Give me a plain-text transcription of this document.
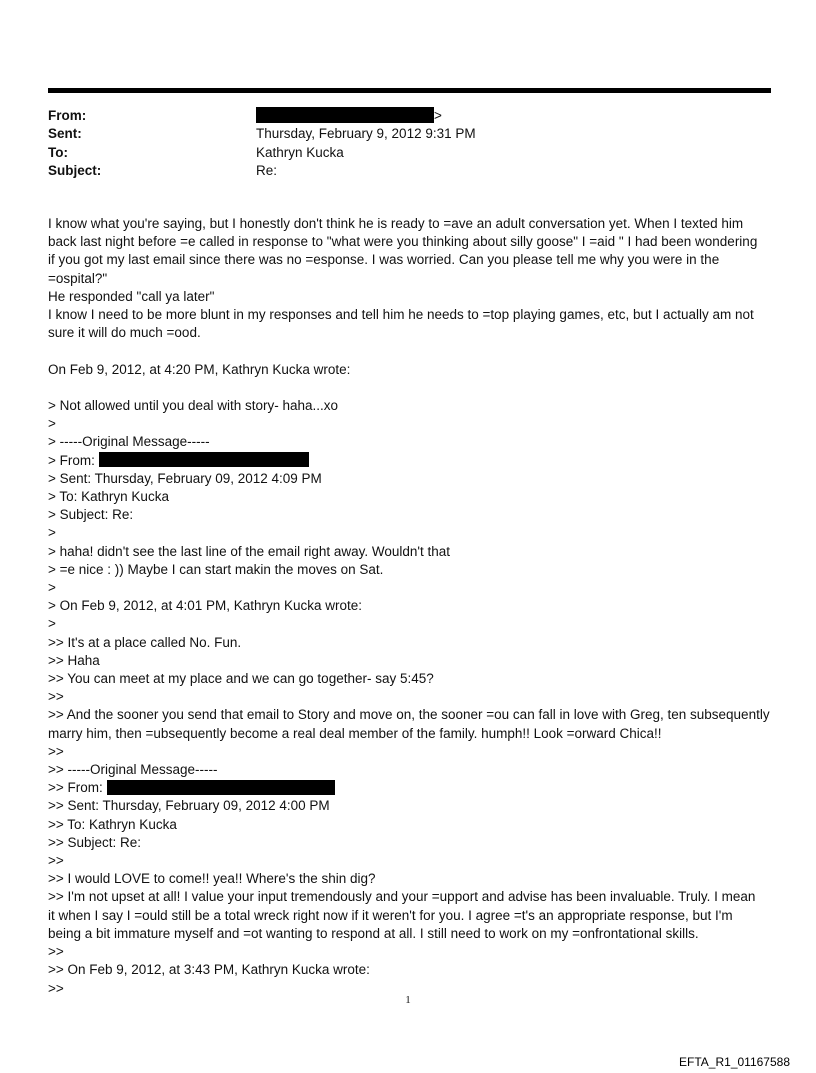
From:	>
Sent:	Thursday, February 9, 2012 9:31 PM
To:	Kathryn Kucka
Subject:	Re:
I know what you're saying, but I honestly don't think he is ready to =ave an adult conversation yet. When I texted him
back last night before =e called in response to "what were you thinking about silly goose" I =aid " I had been wondering
if you got my last email since there was no =esponse. I was worried. Can you please tell me why you were in the
=ospital?"
He responded "call ya later"
I know I need to be more blunt in my responses and tell him he needs to =top playing games, etc, but I actually am not
sure it will do much =ood.
On Feb 9, 2012, at 4:20 PM, Kathryn Kucka wrote:
> Not allowed until you deal with story- haha...xo
>
> -----Original Message-----
> From:
> Sent: Thursday, February 09, 2012 4:09 PM
> To: Kathryn Kucka
> Subject: Re:
>
> haha! didn't see the last line of the email right away. Wouldn't that
> =e nice : )) Maybe I can start makin the moves on Sat.
>
> On Feb 9, 2012, at 4:01 PM, Kathryn Kucka wrote:
>
>> It's at a place called No. Fun.
>> Haha
>> You can meet at my place and we can go together- say 5:45?
>>
>> And the sooner you send that email to Story and move on, the sooner =ou can fall in love with Greg, ten subsequently
marry him, then =ubsequently become a real deal member of the family. humph!! Look =orward Chica!!
>>
>> -----Original Message-----
>> From:
>> Sent: Thursday, February 09, 2012 4:00 PM
>> To: Kathryn Kucka
>> Subject: Re:
>>
>> I would LOVE to come!! yea!! Where's the shin dig?
>> I'm not upset at all! I value your input tremendously and your =upport and advise has been invaluable. Truly. I mean
it when I say I =ould still be a total wreck right now if it weren't for you. I agree =t's an appropriate response, but I'm
being a bit immature myself and =ot wanting to respond at all. I still need to work on my =onfrontational skills.
>>
>> On Feb 9, 2012, at 3:43 PM, Kathryn Kucka wrote:
>>
1
EFTA_R1_01167588
